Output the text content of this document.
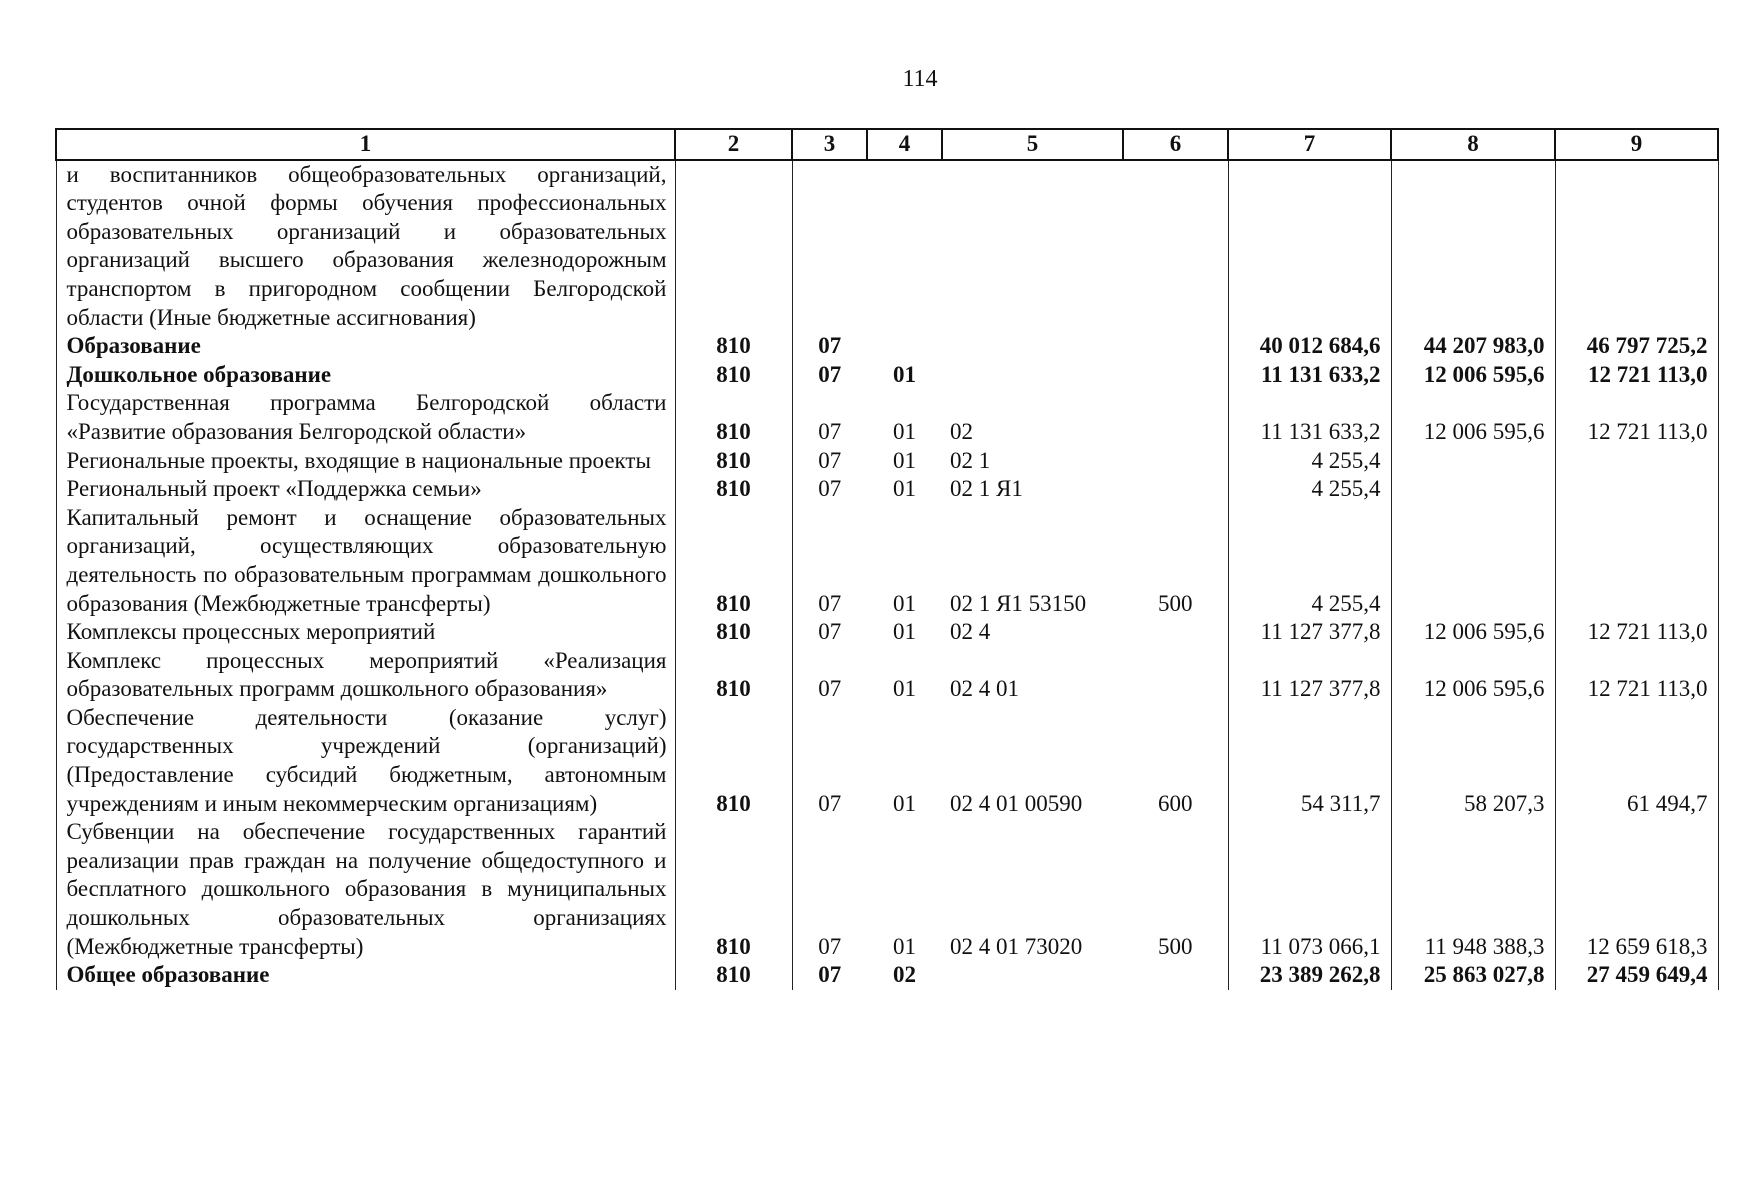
114
1	2	3	4	5	6	7	8	9
и воспитанников общеобразовательных организаций, студентов очной формы обучения профессиональных образовательных организаций и образовательных организаций высшего образования железнодорожным транспортом в пригородном сообщении Белгородской области (Иные бюджетные ассигнования)								
Образование	810	07				40 012 684,6	44 207 983,0	46 797 725,2
Дошкольное образование	810	07	01			11 131 633,2	12 006 595,6	12 721 113,0
Государственная программа Белгородской области «Развитие образования Белгородской области»	810	07	01	02		11 131 633,2	12 006 595,6	12 721 113,0
Региональные проекты, входящие в национальные проекты	810	07	01	02 1		4 255,4		
Региональный проект «Поддержка семьи»	810	07	01	02 1 Я1		4 255,4		
Капитальный ремонт и оснащение образовательных организаций, осуществляющих образовательную деятельность по образовательным программам дошкольного образования (Межбюджетные трансферты)	810	07	01	02 1 Я1 53150	500	4 255,4		
Комплексы процессных мероприятий	810	07	01	02 4		11 127 377,8	12 006 595,6	12 721 113,0
Комплекс процессных мероприятий «Реализация образовательных программ дошкольного образования»	810	07	01	02 4 01		11 127 377,8	12 006 595,6	12 721 113,0
Обеспечение деятельности (оказание услуг) государственных учреждений (организаций) (Предоставление субсидий бюджетным, автономным учреждениям и иным некоммерческим организациям)	810	07	01	02 4 01 00590	600	54 311,7	58 207,3	61 494,7
Субвенции на обеспечение государственных гарантий реализации прав граждан на получение общедоступного и бесплатного дошкольного образования в муниципальных дошкольных образовательных организациях (Межбюджетные трансферты)	810	07	01	02 4 01 73020	500	11 073 066,1	11 948 388,3	12 659 618,3
Общее образование	810	07	02			23 389 262,8	25 863 027,8	27 459 649,4
